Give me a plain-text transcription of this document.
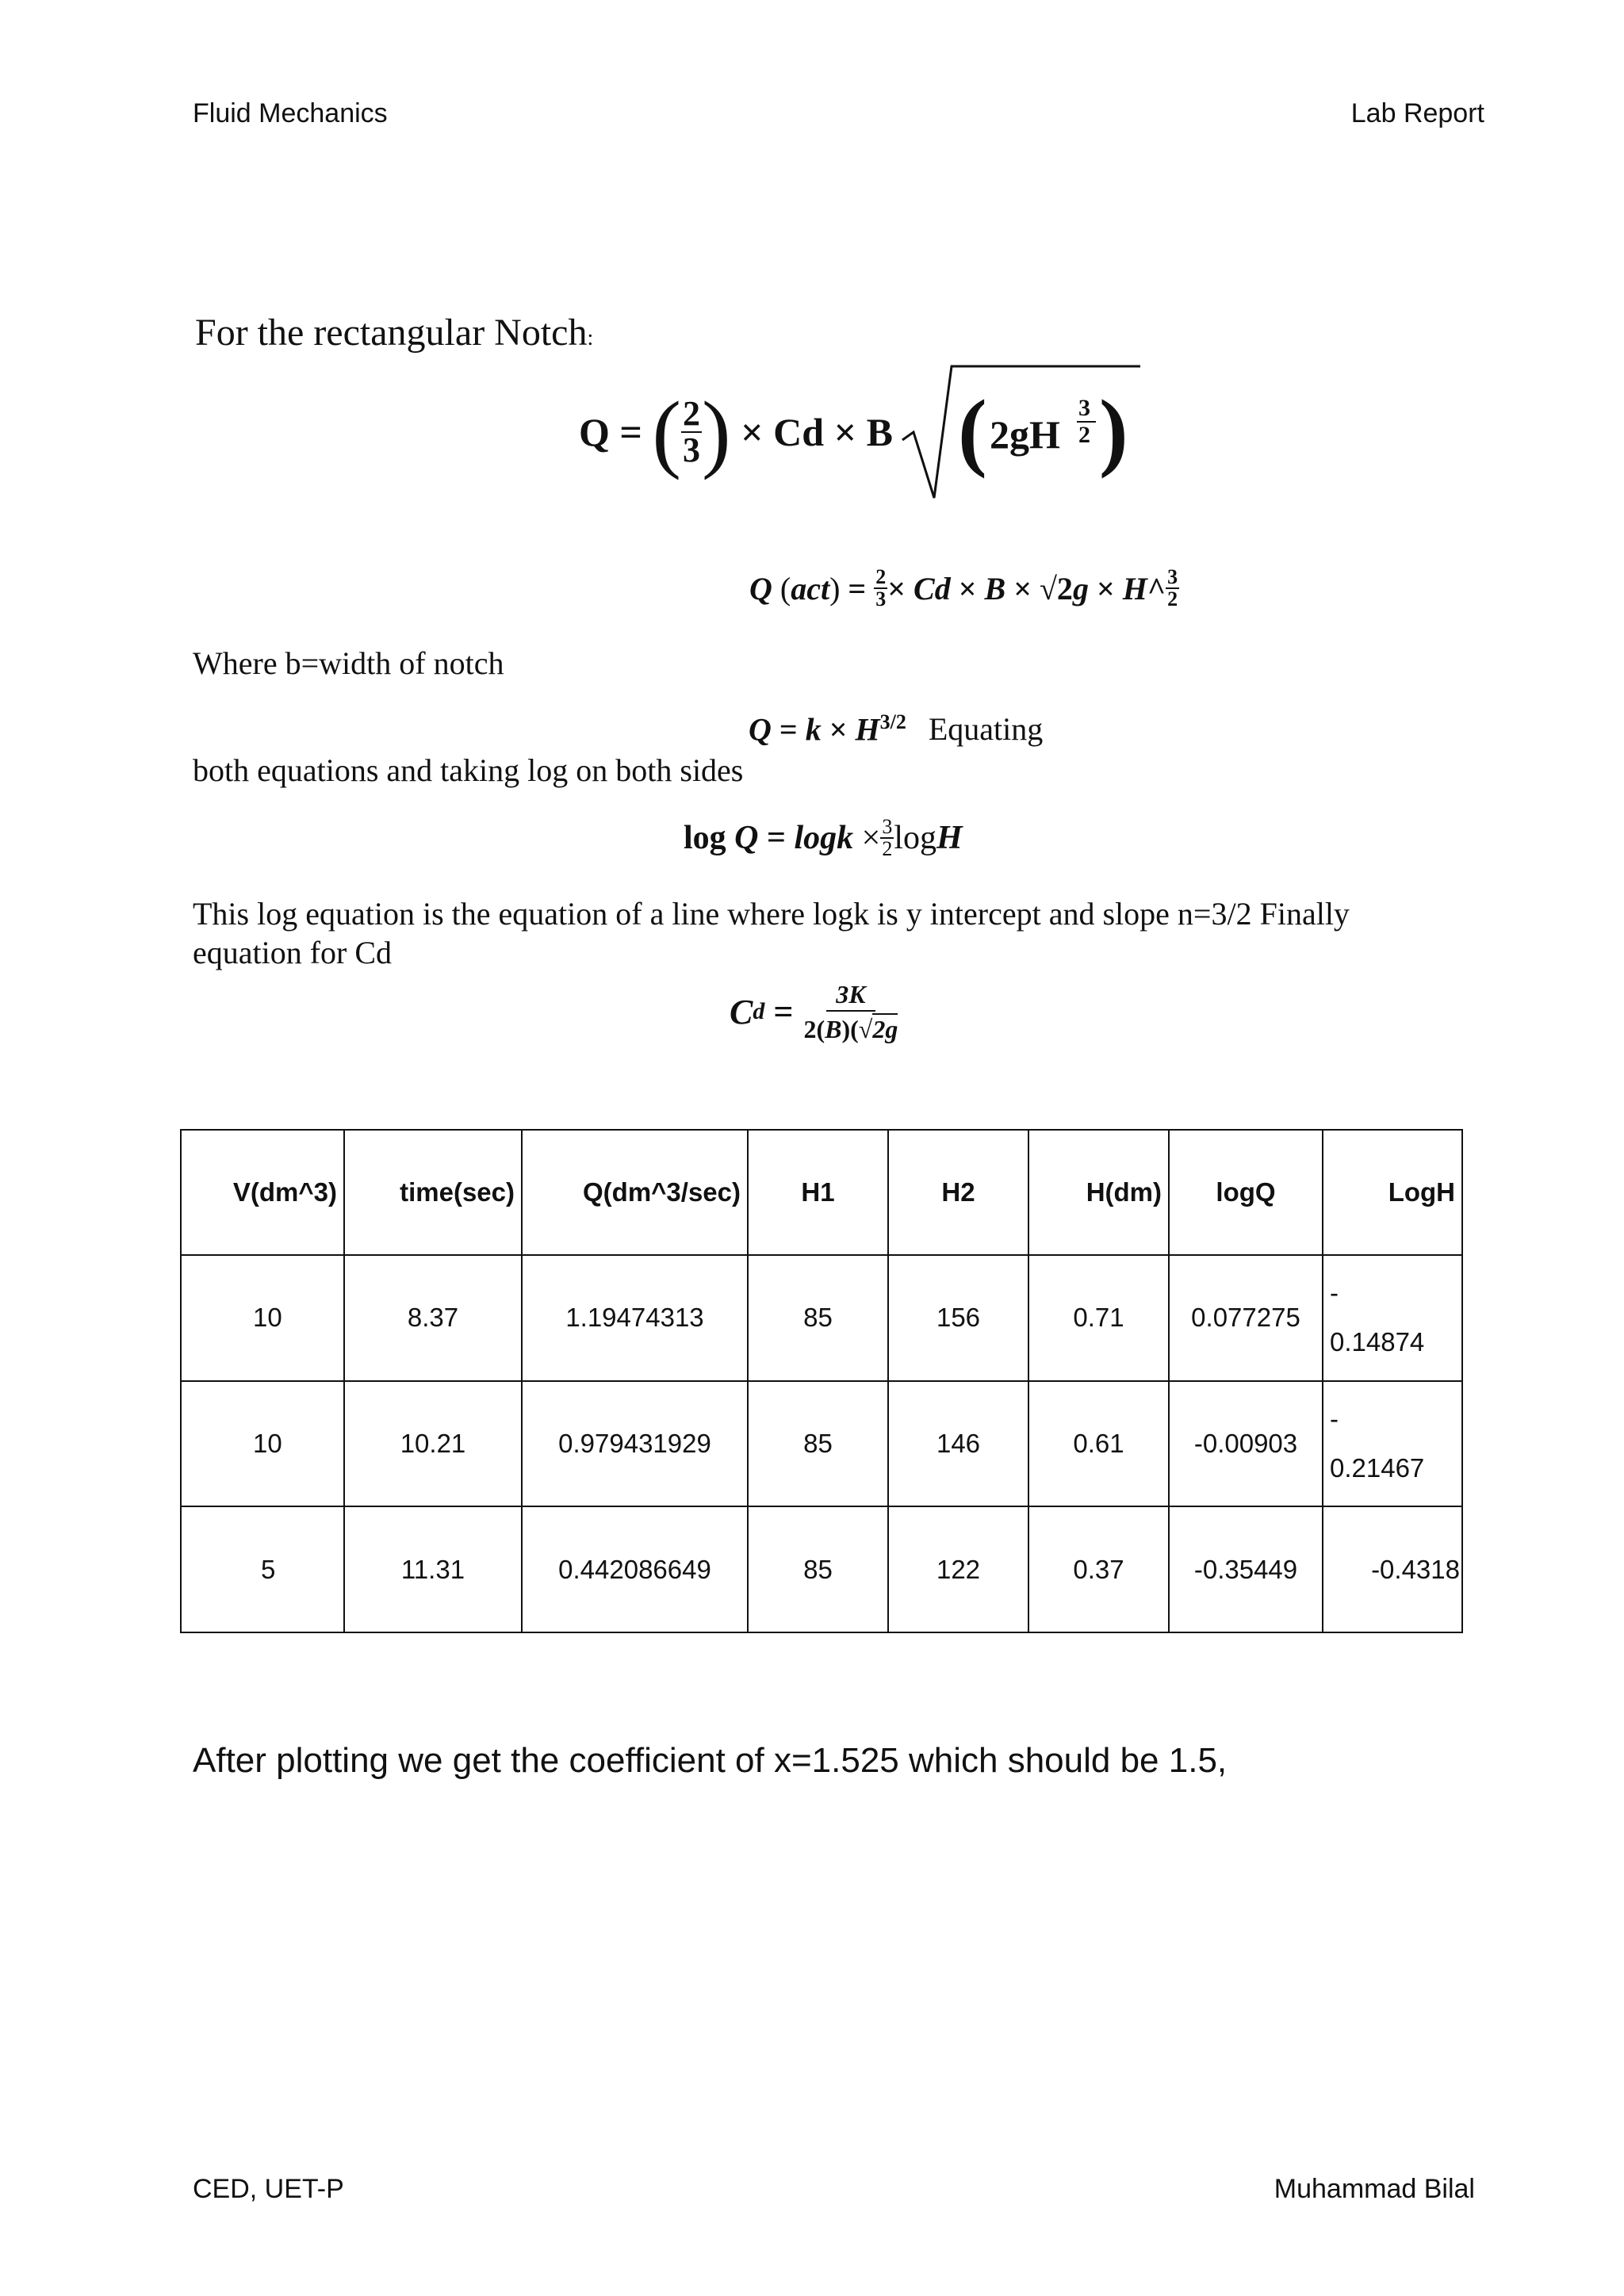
Fluid Mechanics	Lab Report
For the rectangular Notch:
Q = ( $\frac{2}{3}$ ) × Cd × B ( 2gH
3
2 )
Q
( act ) = $\frac{2}{3} \times Cd \times B \times √2g$ × H^ $\frac{3}{2}$
Where b=width of notch
$Q = k \times H^{3/2}$ Equating
both equations and taking log on both sides
$\log Q = \log k \times \frac{3}{2}$ log H
This log equation is the equation of a line where logk is y intercept and slope n=3/2 Finally
equation for Cd
C $d = \frac{3K}{2(B)(√2g}$
V(dm^3)	time(sec)	Q(dm^3/sec)	H1	H2	H(dm)	logQ	LogH
10	8.37	1.19474313	85	156	0.71	0.077275	-
0.14874

10	10.21	0.979431929	85	146	0.61	-0.00903	-
0.21467

5	11.31	0.442086649	85	122	0.37	-0.35449	-0.4318
After plotting we get the coefficient of x=1.525 which should be 1.5,
CED, UET-P	Muhammad Bilal
